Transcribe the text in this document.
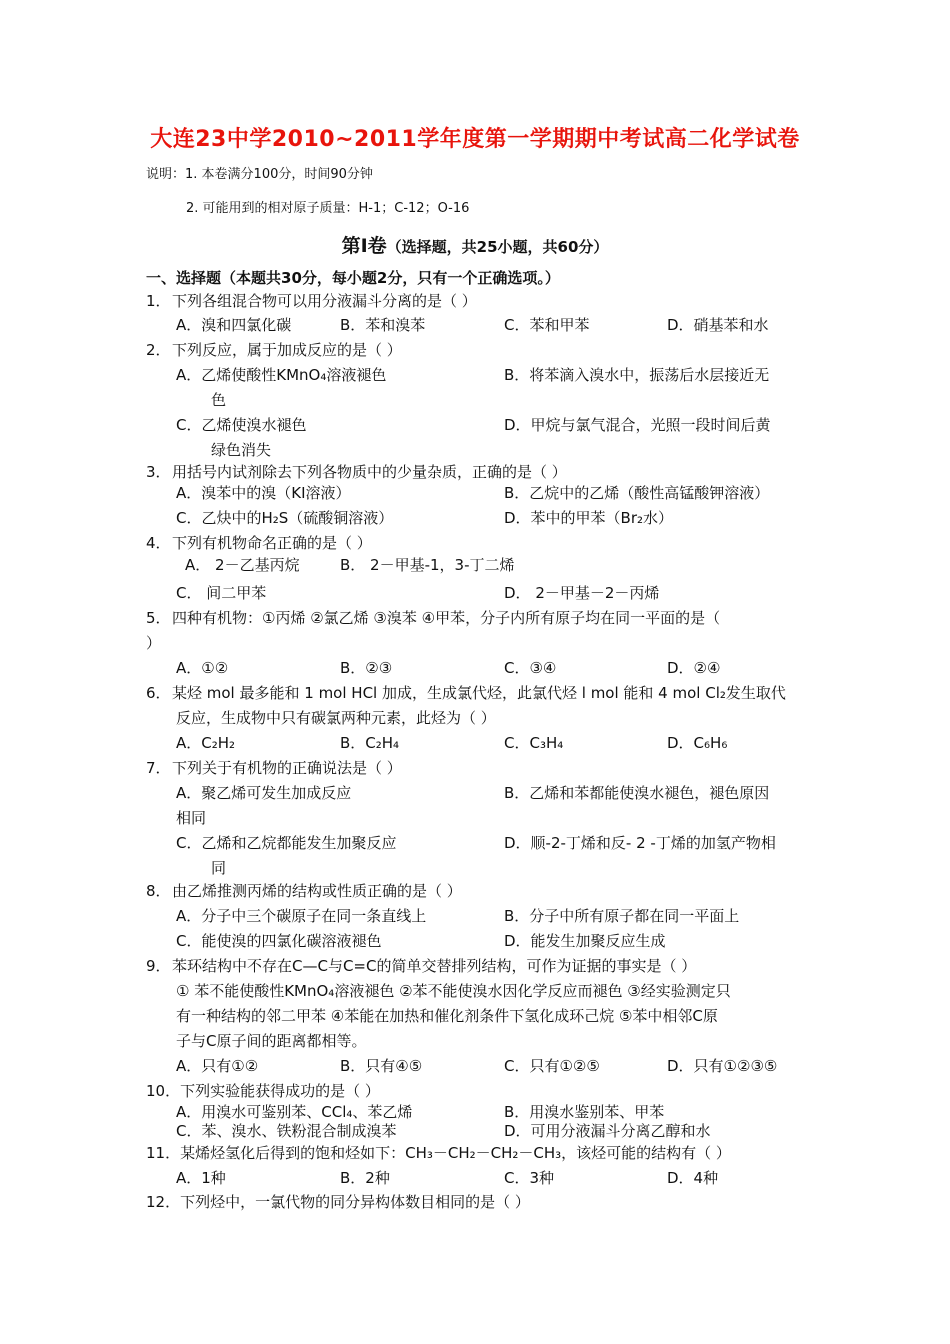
大连23中学2010~2011学年度第一学期期中考试高二化学试卷
说明：1. 本卷满分100分，时间90分钟
2. 可能用到的相对原子质量：H-1；C-12；O-16
第Ⅰ卷（选择题，共25小题，共60分）
一、选择题（本题共30分，每小题2分，只有一个正确选项。）
1．下列各组混合物可以用分液漏斗分离的是（ ）
A．溴和四氯化碳	B．苯和溴苯	C．苯和甲苯	D．硝基苯和水
2．下列反应，属于加成反应的是（ ）
A．乙烯使酸性KMnO₄溶液褪色	B．将苯滴入溴水中，振荡后水层接近无
色
C．乙烯使溴水褪色	D．甲烷与氯气混合，光照一段时间后黄
绿色消失
3．用括号内试剂除去下列各物质中的少量杂质，正确的是（ ）
A．溴苯中的溴（KI溶液）	B．乙烷中的乙烯（酸性高锰酸钾溶液）
C．乙炔中的H₂S（硫酸铜溶液）	D．苯中的甲苯（Br₂水）
4．下列有机物命名正确的是（ ）
A． 2－乙基丙烷	B． 2－甲基-1，3-丁二烯
C． 间二甲苯	D． 2－甲基－2－丙烯
5．四种有机物：①丙烯 ②氯乙烯 ③溴苯 ④甲苯，分子内所有原子均在同一平面的是（
）
A．①②	B．②③	C．③④	D．②④
6．某烃 mol 最多能和 1 mol HCl 加成，生成氯代烃，此氯代烃 l mol 能和 4 mol Cl₂发生取代
反应，生成物中只有碳氯两种元素，此烃为（ ）
A．C₂H₂	B．C₂H₄	C．C₃H₄	D．C₆H₆
7．下列关于有机物的正确说法是（ ）
A．聚乙烯可发生加成反应	B．乙烯和苯都能使溴水褪色，褪色原因
相同
C．乙烯和乙烷都能发生加聚反应	D．顺-2-丁烯和反- 2 -丁烯的加氢产物相
同
8．由乙烯推测丙烯的结构或性质正确的是（ ）
A．分子中三个碳原子在同一条直线上	B．分子中所有原子都在同一平面上
C．能使溴的四氯化碳溶液褪色	D．能发生加聚反应生成
9．苯环结构中不存在C—C与C=C的简单交替排列结构，可作为证据的事实是（ ）
① 苯不能使酸性KMnO₄溶液褪色 ②苯不能使溴水因化学反应而褪色 ③经实验测定只
有一种结构的邻二甲苯 ④苯能在加热和催化剂条件下氢化成环己烷 ⑤苯中相邻C原
子与C原子间的距离都相等。
A．只有①②	B．只有④⑤	C．只有①②⑤	D．只有①②③⑤
10．下列实验能获得成功的是（ ）
A．用溴水可鉴别苯、CCl₄、苯乙烯	B．用溴水鉴别苯、甲苯
C．苯、溴水、铁粉混合制成溴苯	D．可用分液漏斗分离乙醇和水
11．某烯烃氢化后得到的饱和烃如下：CH₃－CH₂－CH₂－CH₃，该烃可能的结构有（ ）
A．1种	B．2种	C．3种	D．4种
12．下列烃中，一氯代物的同分异构体数目相同的是（ ）
